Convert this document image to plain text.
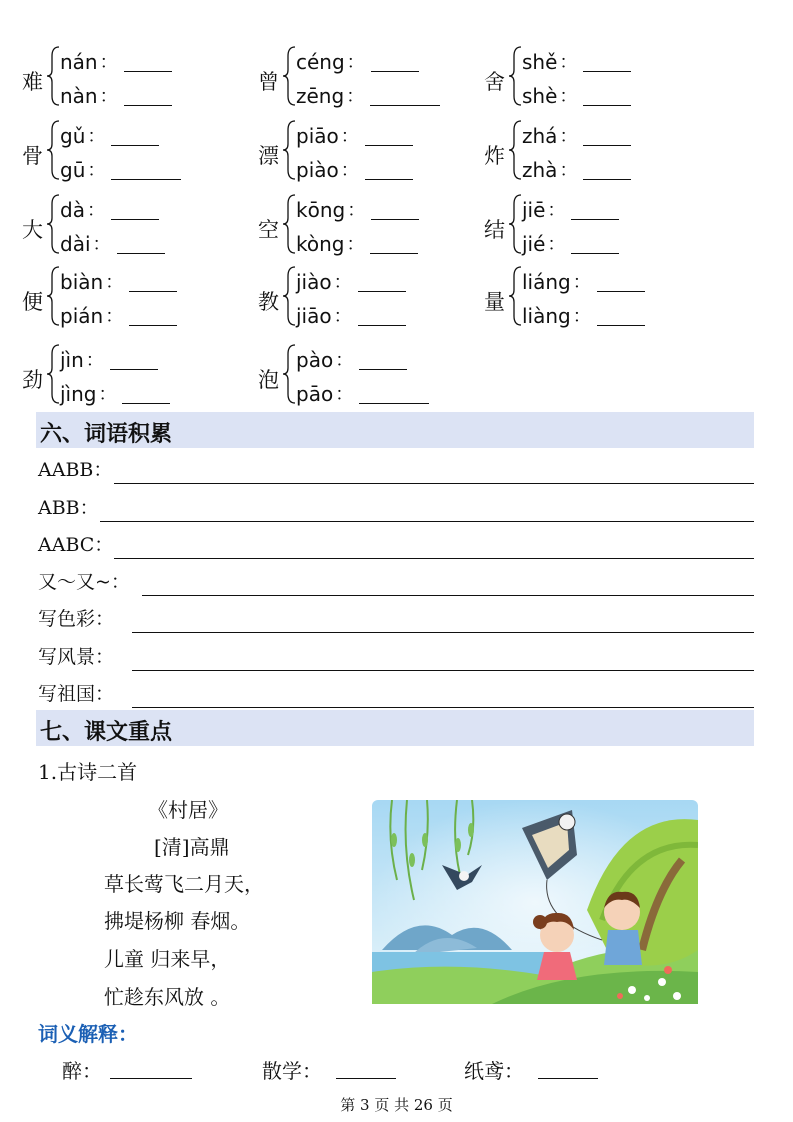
难
nán ：
nàn ：
曾
céng ：
zēng ：
舍
shě ：
shè ：
骨
gǔ ：
gū ：
漂
piāo ：
piào ：
炸
zhá ：
zhà ：
大
dà ：
dài ：
空
kōng ：
kòng ：
结
jiē ：
jié ：
便
biàn ：
pián ：
教
jiào ：
jiāo ：
量
liáng ：
liàng ：
劲
jìn ：
jìng ：
泡
pào ：
pāo ：
六、词语积累
AABB：
ABB：
AABC：
又～又~：
写色彩：
写风景：
写祖国：
七、课文重点
1.古诗二首
《村居》
[清]高鼎
草长莺飞二月天，
拂堤杨柳 春烟。
儿童 归来早，
忙趁东风放 。
词义解释：
醉：	散学：	纸鸢：
第 3 页 共 26 页
